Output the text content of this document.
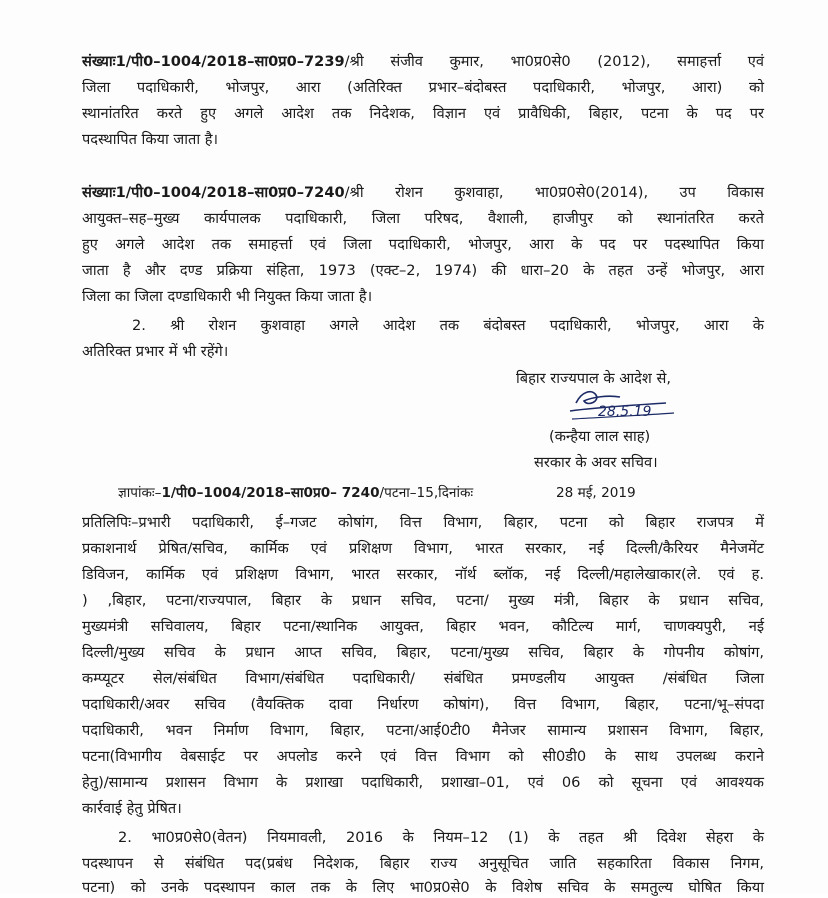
संख्याः1/पी0–1004/2018–सा0प्र0–7239/श्री संजीव कुमार, भा0प्र0से0 (2012), समाहर्त्ता एवं
जिला पदाधिकारी, भोजपुर, आरा (अतिरिक्त प्रभार–बंदोबस्त पदाधिकारी, भोजपुर, आरा) को
स्थानांतरित करते हुए अगले आदेश तक निदेशक, विज्ञान एवं प्रावैधिकी, बिहार, पटना के पद पर
पदस्थापित किया जाता है।
संख्याः1/पी0–1004/2018–सा0प्र0–7240/श्री रोशन कुशवाहा, भा0प्र0से0(2014), उप विकास
आयुक्त–सह–मुख्य कार्यपालक पदाधिकारी, जिला परिषद, वैशाली, हाजीपुर को स्थानांतरित करते
हुए अगले आदेश तक समाहर्त्ता एवं जिला पदाधिकारी, भोजपुर, आरा के पद पर पदस्थापित किया
जाता है और दण्ड प्रक्रिया संहिता, 1973 (एक्ट–2, 1974) की धारा–20 के तहत उन्हें भोजपुर, आरा
जिला का जिला दण्डाधिकारी भी नियुक्त किया जाता है।
2. श्री रोशन कुशवाहा अगले आदेश तक बंदोबस्त पदाधिकारी, भोजपुर, आरा के
अतिरिक्त प्रभार में भी रहेंगे।
बिहार राज्यपाल के आदेश से,
28.5.19
(कन्हैया लाल साह)
सरकार के अवर सचिव।
ज्ञापांकः–1/पी0–1004/2018–सा0प्र0– 7240/पटना–15,दिनांकः	28 मई, 2019
प्रतिलिपिः–प्रभारी पदाधिकारी, ई–गजट कोषांग, वित्त विभाग, बिहार, पटना को बिहार राजपत्र में
प्रकाशनार्थ प्रेषित/सचिव, कार्मिक एवं प्रशिक्षण विभाग, भारत सरकार, नई दिल्ली/कैरियर मैनेजमेंट
डिविजन, कार्मिक एवं प्रशिक्षण विभाग, भारत सरकार, नॉर्थ ब्लॉक, नई दिल्ली/महालेखाकार(ले. एवं ह.
) ,बिहार, पटना/राज्यपाल, बिहार के प्रधान सचिव, पटना/ मुख्य मंत्री, बिहार के प्रधान सचिव,
मुख्यमंत्री सचिवालय, बिहार पटना/स्थानिक आयुक्त, बिहार भवन, कौटिल्य मार्ग, चाणक्यपुरी, नई
दिल्ली/मुख्य सचिव के प्रधान आप्त सचिव, बिहार, पटना/मुख्य सचिव, बिहार के गोपनीय कोषांग,
कम्प्यूटर सेल/संबंधित विभाग/संबंधित पदाधिकारी/ संबंधित प्रमण्डलीय आयुक्त /संबंधित जिला
पदाधिकारी/अवर सचिव (वैयक्तिक दावा निर्धारण कोषांग), वित्त विभाग, बिहार, पटना/भू–संपदा
पदाधिकारी, भवन निर्माण विभाग, बिहार, पटना/आई0टी0 मैनेजर सामान्य प्रशासन विभाग, बिहार,
पटना(विभागीय वेबसाईट पर अपलोड करने एवं वित्त विभाग को सी0डी0 के साथ उपलब्ध कराने
हेतु)/सामान्य प्रशासन विभाग के प्रशाखा पदाधिकारी, प्रशाखा–01, एवं 06 को सूचना एवं आवश्यक
कार्रवाई हेतु प्रेषित।
2. भा0प्र0से0(वेतन) नियमावली, 2016 के नियम–12 (1) के तहत श्री दिवेश सेहरा के
पदस्थापन से संबंधित पद(प्रबंध निदेशक, बिहार राज्य अनुसूचित जाति सहकारिता विकास निगम,
पटना) को उनके पदस्थापन काल तक के लिए भा0प्र0से0 के विशेष सचिव के समतुल्य घोषित किया
